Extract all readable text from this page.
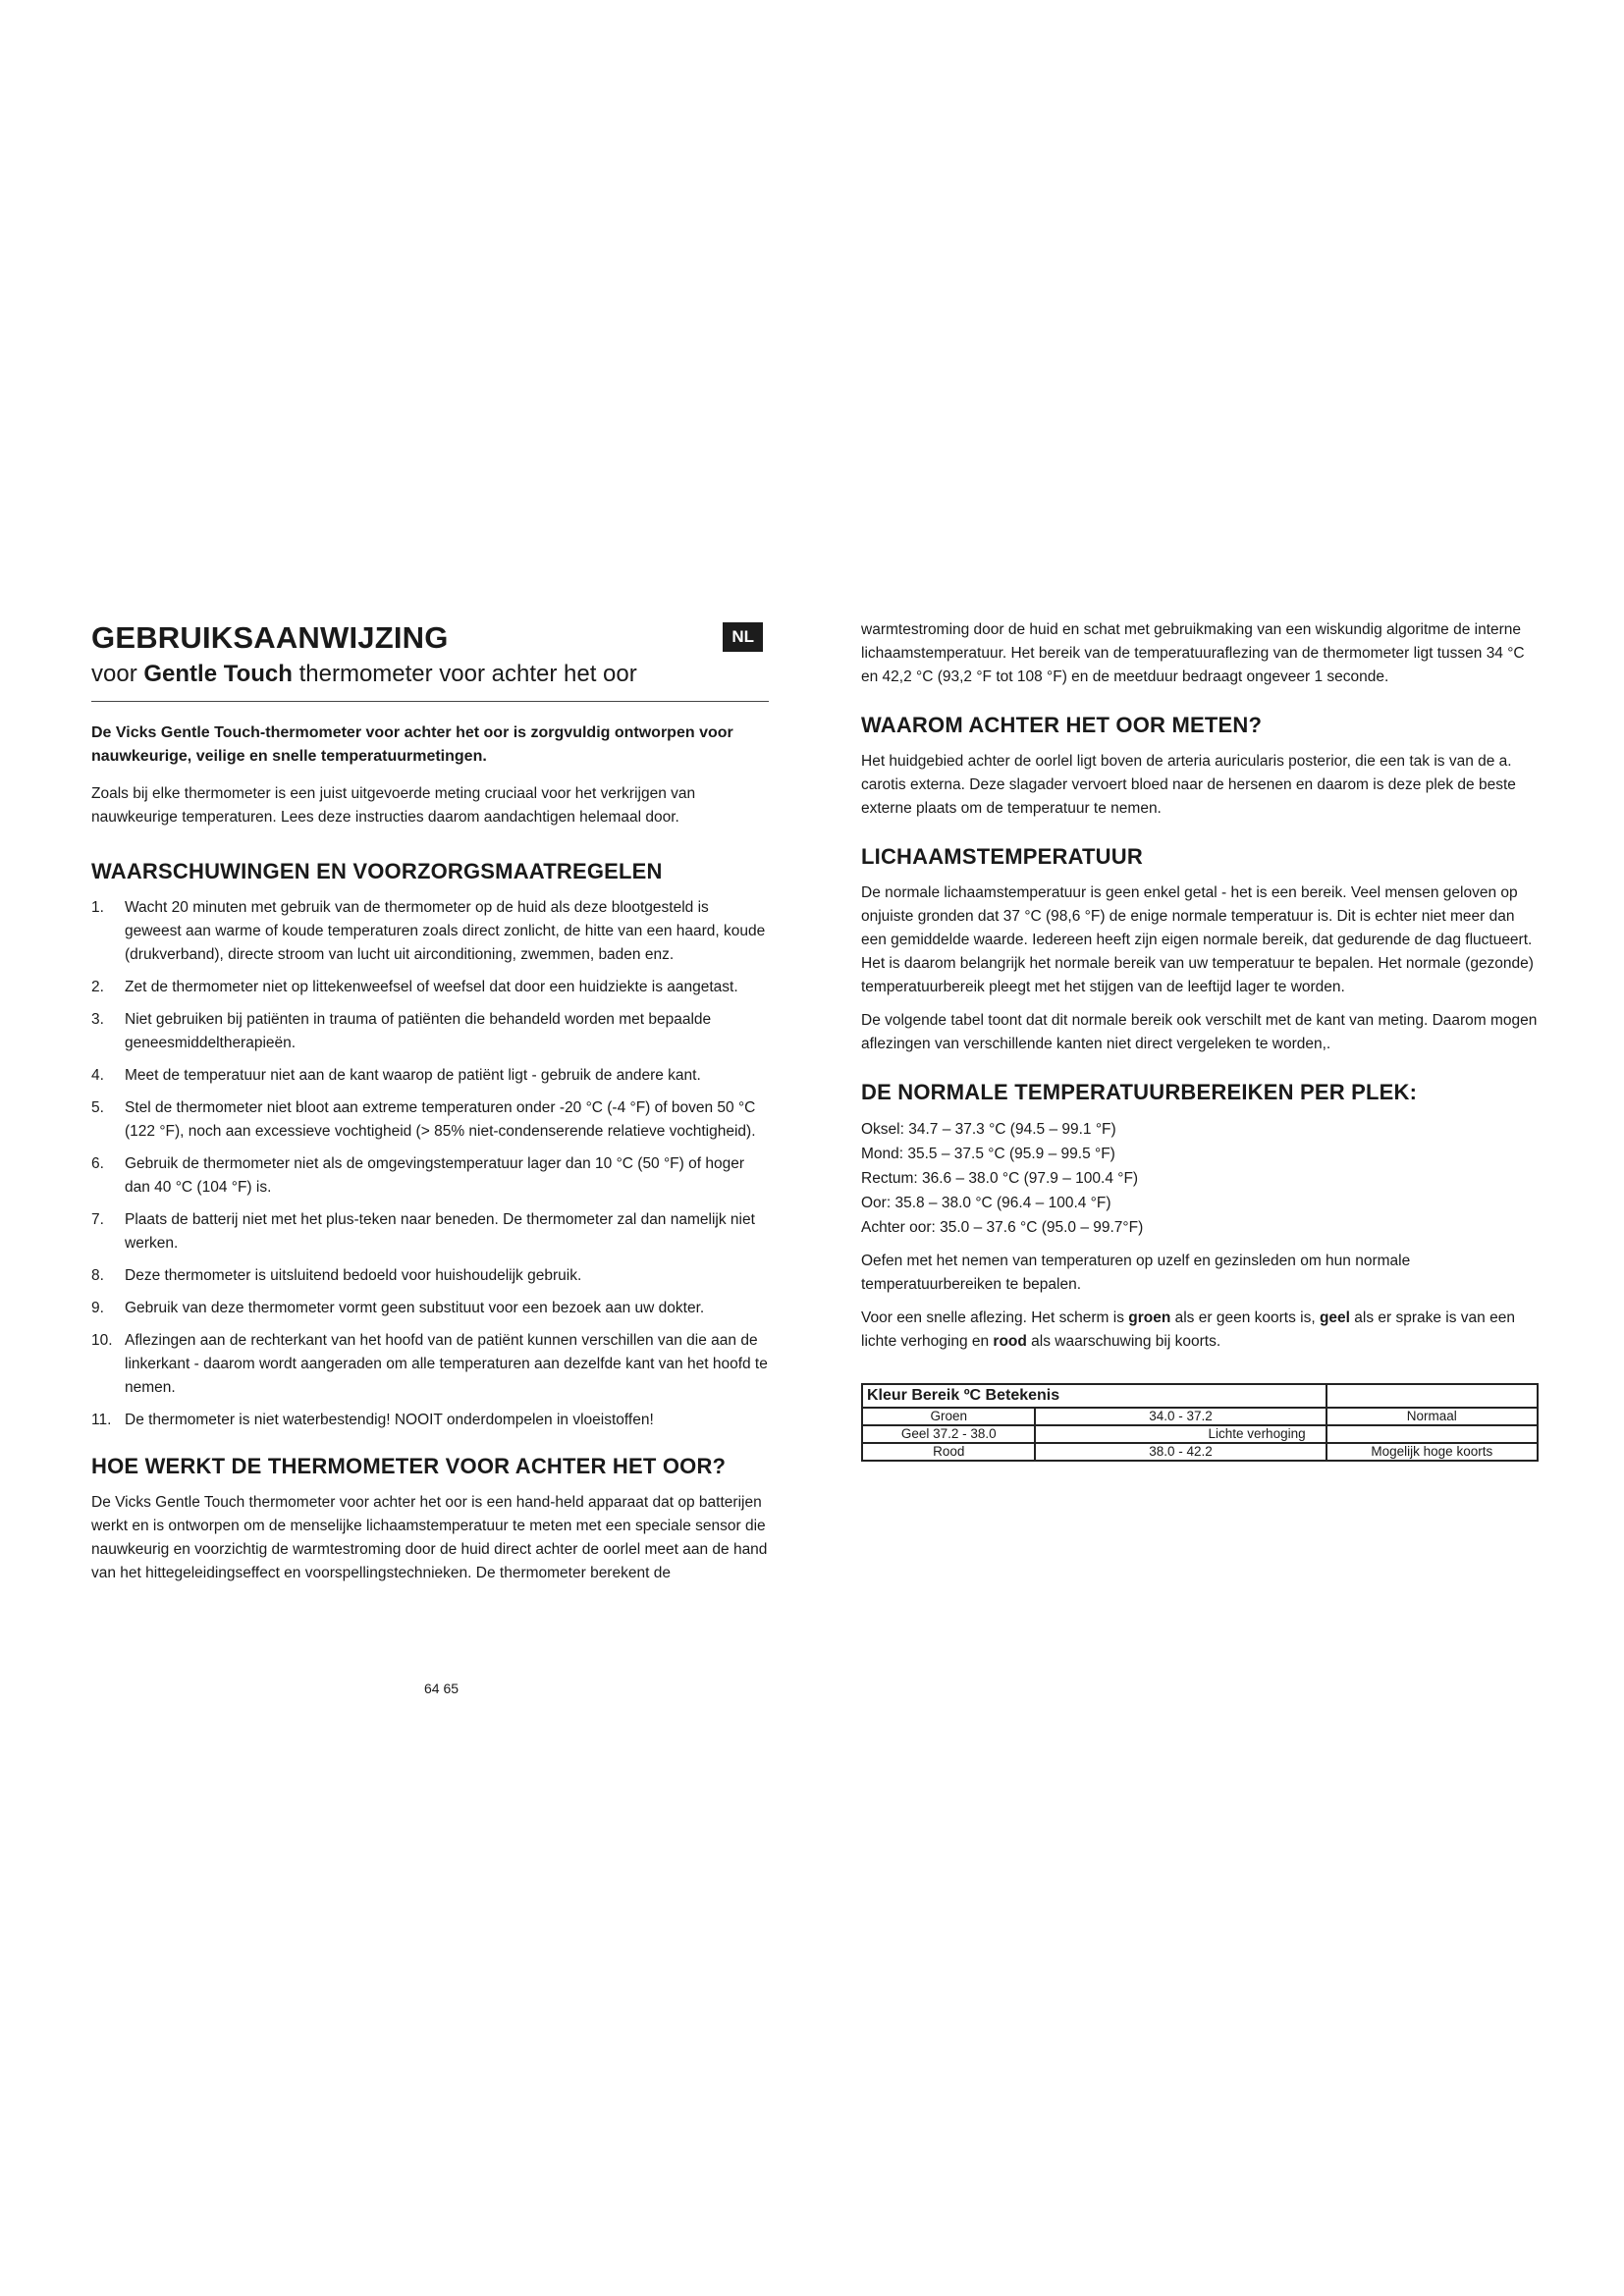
GEBRUIKSAANWIJZING	NL

voor Gentle Touch thermometer voor achter het oor

De Vicks Gentle Touch-thermometer voor achter het oor is zorgvuldig ontworpen voor nauwkeurige, veilige en snelle temperatuurmetingen.

Zoals bij elke thermometer is een juist uitgevoerde meting cruciaal voor het verkrijgen van nauwkeurige temperaturen. Lees deze instructies daarom aandachtigen helemaal door.

WAARSCHUWINGEN EN VOORZORGSMAATREGELEN
1. Wacht 20 minuten met gebruik van de thermometer op de huid als deze blootgesteld is geweest aan warme of koude temperaturen zoals direct zonlicht, de hitte van een haard, koude (drukverband), directe stroom van lucht uit airconditioning, zwemmen, baden enz.
2. Zet de thermometer niet op littekenweefsel of weefsel dat door een huidziekte is aangetast.
3. Niet gebruiken bij patiënten in trauma of patiënten die behandeld worden met bepaalde geneesmiddeltherapieën.
4. Meet de temperatuur niet aan de kant waarop de patiënt ligt - gebruik de andere kant.
5. Stel de thermometer niet bloot aan extreme temperaturen onder -20 °C (-4 °F) of boven 50 °C (122 °F), noch aan excessieve vochtigheid (> 85% niet-condenserende relatieve vochtigheid).
6. Gebruik de thermometer niet als de omgevingstemperatuur lager dan 10 °C (50 °F) of hoger dan 40 °C (104 °F) is.
7. Plaats de batterij niet met het plus-teken naar beneden. De thermometer zal dan namelijk niet werken.
8. Deze thermometer is uitsluitend bedoeld voor huishoudelijk gebruik.
9. Gebruik van deze thermometer vormt geen substituut voor een bezoek aan uw dokter.
10. Aflezingen aan de rechterkant van het hoofd van de patiënt kunnen verschillen van die aan de linkerkant - daarom wordt aangeraden om alle temperaturen aan dezelfde kant van het hoofd te nemen.
11. De thermometer is niet waterbestendig! NOOIT onderdompelen in vloeistoffen!
HOE WERKT DE THERMOMETER VOOR ACHTER HET OOR?

De Vicks Gentle Touch thermometer voor achter het oor is een hand-held apparaat dat op batterijen werkt en is ontworpen om de menselijke lichaamstemperatuur te meten met een speciale sensor die nauwkeurig en voorzichtig de warmtestroming door de huid direct achter de oorlel meet aan de hand van het hittegeleidingseffect en voorspellingstechnieken. De thermometer berekent de

64 65

warmtestroming door de huid en schat met gebruikmaking van een wiskundig algoritme de interne lichaamstemperatuur. Het bereik van de temperatuuraflezing van de thermometer ligt tussen 34 °C en 42,2 °C (93,2 °F tot 108 °F) en de meetduur bedraagt ongeveer 1 seconde.

WAAROM ACHTER HET OOR METEN?

Het huidgebied achter de oorlel ligt boven de arteria auricularis posterior, die een tak is van de a. carotis externa. Deze slagader vervoert bloed naar de hersenen en daarom is deze plek de beste externe plaats om de temperatuur te nemen.

LICHAAMSTEMPERATUUR

De normale lichaamstemperatuur is geen enkel getal - het is een bereik. Veel mensen geloven op onjuiste gronden dat 37 °C (98,6 °F) de enige normale temperatuur is. Dit is echter niet meer dan een gemiddelde waarde. Iedereen heeft zijn eigen normale bereik, dat gedurende de dag fluctueert. Het is daarom belangrijk het normale bereik van uw temperatuur te bepalen. Het normale (gezonde) temperatuurbereik pleegt met het stijgen van de leeftijd lager te worden.

De volgende tabel toont dat dit normale bereik ook verschilt met de kant van meting. Daarom mogen aflezingen van verschillende kanten niet direct vergeleken te worden,.

DE NORMALE TEMPERATUURBEREIKEN PER PLEK:

Oksel: 34.7 – 37.3 °C (94.5 – 99.1 °F)

Mond: 35.5 – 37.5 °C (95.9 – 99.5 °F)

Rectum: 36.6 – 38.0 °C (97.9 – 100.4 °F)

Oor: 35.8 – 38.0 °C (96.4 – 100.4 °F)

Achter oor: 35.0 – 37.6 °C (95.0 – 99.7°F)

Oefen met het nemen van temperaturen op uzelf en gezinsleden om hun normale temperatuurbereiken te bepalen.

Voor een snelle aflezing. Het scherm is groen als er geen koorts is, geel als er sprake is van een lichte verhoging en rood als waarschuwing bij koorts.

Kleur Bereik ºC Betekenis		
Groen	34.0 - 37.2	Normaal
Geel 37.2 - 38.0	Lichte verhoging	
Rood	38.0 - 42.2	Mogelijk hoge koorts
